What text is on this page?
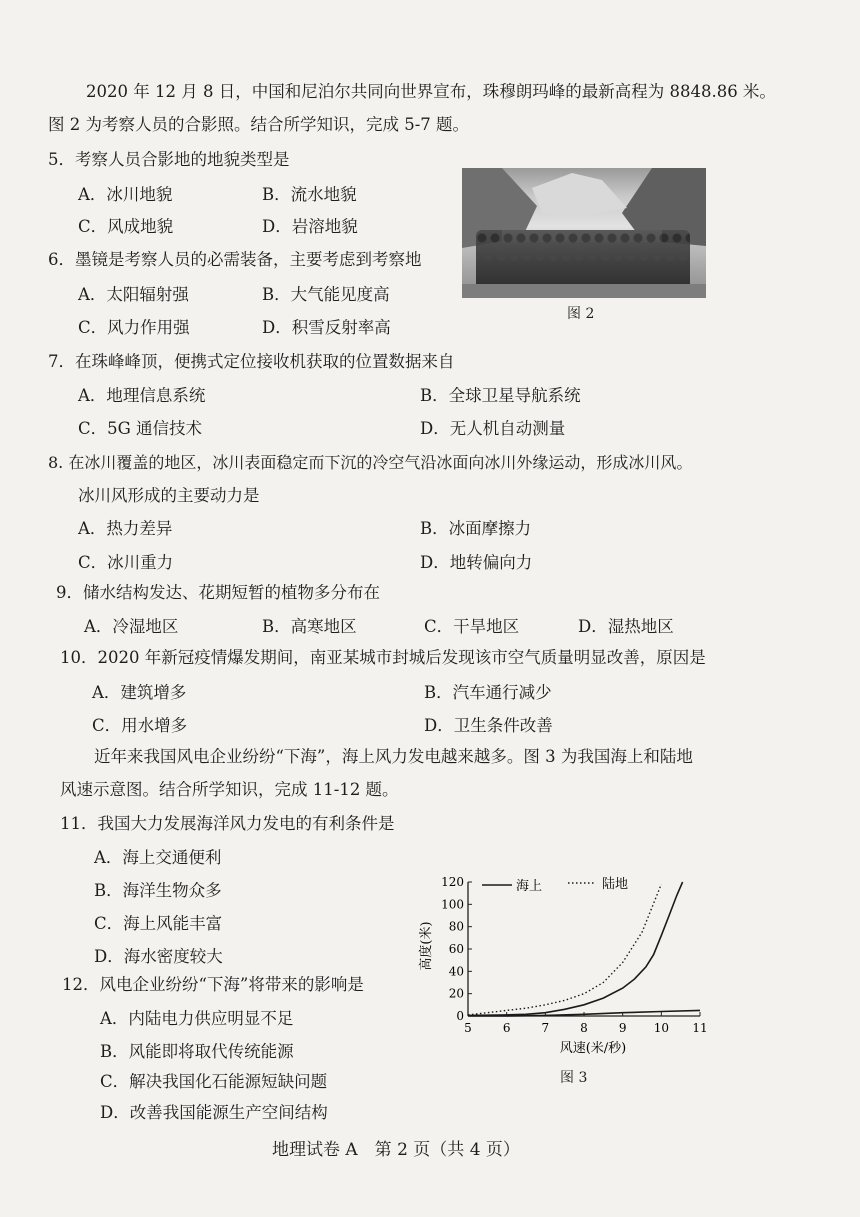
2020 年 12 月 8 日，中国和尼泊尔共同向世界宣布，珠穆朗玛峰的最新高程为 8848.86 米。
图 2 为考察人员的合影照。结合所学知识，完成 5-7 题。
5．考察人员合影地的地貌类型是
A．冰川地貌	B．流水地貌
C．风成地貌	D．岩溶地貌
图 2
6．墨镜是考察人员的必需装备，主要考虑到考察地
A．太阳辐射强	B．大气能见度高
C．风力作用强	D．积雪反射率高
7．在珠峰峰顶，便携式定位接收机获取的位置数据来自
A．地理信息系统	B．全球卫星导航系统
C．5G 通信技术	D．无人机自动测量
8. 在冰川覆盖的地区，冰川表面稳定而下沉的冷空气沿冰面向冰川外缘运动，形成冰川风。
冰川风形成的主要动力是
A．热力差异	B．冰面摩擦力
C．冰川重力	D．地转偏向力
9．储水结构发达、花期短暂的植物多分布在
A．冷湿地区	B．高寒地区	C．干旱地区	D．湿热地区
10．2020 年新冠疫情爆发期间，南亚某城市封城后发现该市空气质量明显改善，原因是
A．建筑增多	B．汽车通行减少
C．用水增多	D．卫生条件改善
近年来我国风电企业纷纷“下海”，海上风力发电越来越多。图 3 为我国海上和陆地
风速示意图。结合所学知识，完成 11-12 题。
11．我国大力发展海洋风力发电的有利条件是
A．海上交通便利
B．海洋生物众多
C．海上风能丰富
D．海水密度较大
12．风电企业纷纷“下海”将带来的影响是
A．内陆电力供应明显不足
B．风能即将取代传统能源
C．解决我国化石能源短缺问题
D．改善我国能源生产空间结构
0
20
40
60
80
100
120
5	6	7	8	9 10 11
海上	陆地
高度(米)
风速(米/秒)
图 3
地理试卷 A　第 2 页（共 4 页）
